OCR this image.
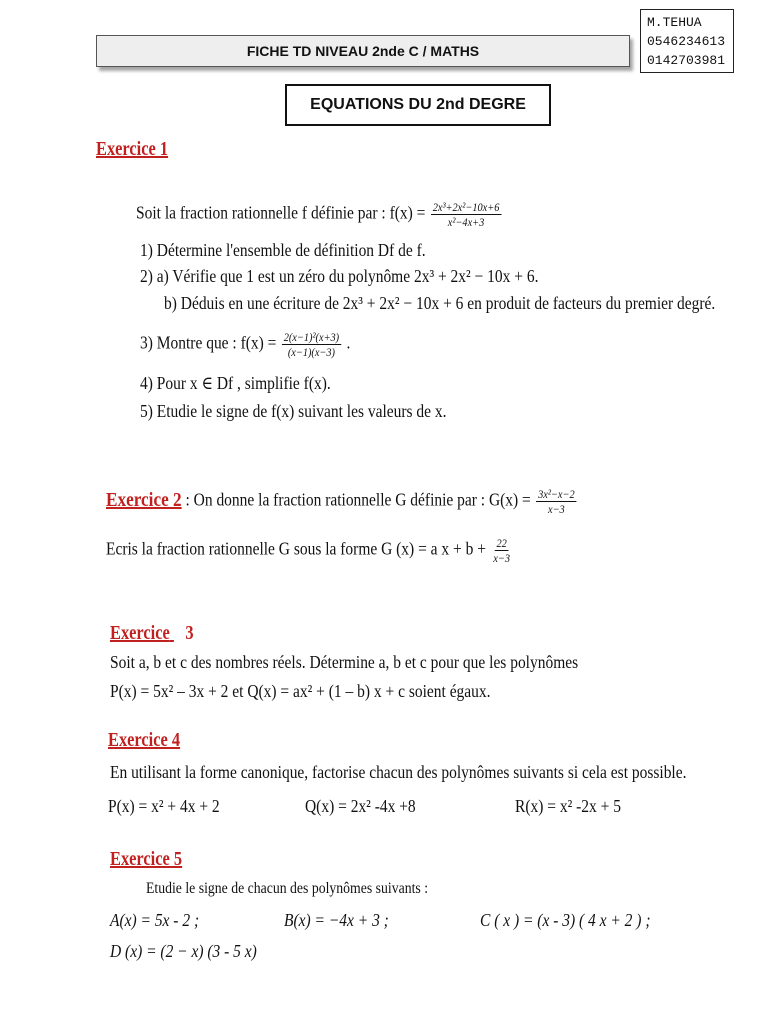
FICHE TD NIVEAU 2nde C / MATHS
M.TEHUA
0546234613
0142703981
EQUATIONS DU 2nd DEGRE
Exercice 1
Soit la fraction rationnelle f définie par : $f(x) = \frac{\text{2x³+2x²−10x+6}}{\text{x²−4x+3}}$
1) Détermine l'ensemble de définition Df de f.
2) a) Vérifie que 1 est un zéro du polynôme 2x³ + 2x² − 10x + 6.
b) Déduis en une écriture de 2x³ + 2x² − 10x + 6 en produit de facteurs du premier degré.
3) Montre que : $f(x) = \frac{\text{2(x−1)²(x+3)}}{(x-1)(x-3)}$ .
4) Pour x ∈ Df , simplifie f(x).
5) Etudie le signe de f(x) suivant les valeurs de x.
Exercice 2 : On donne la fraction rationnelle G définie par : $G(x) = \frac{\text{3x²−x−2}}{x-3}$
Ecris la fraction rationnelle G sous la forme G (x) = a $x + b + \frac{22}{x-3}$
Exercice 3
Soit a, b et c des nombres réels. Détermine a, b et c pour que les polynômes
P(x) = 5x² – 3x + 2 et Q(x) = ax² + (1 – b) x + c soient égaux.
Exercice 4
En utilisant la forme canonique, factorise chacun des polynômes suivants si cela est possible.
P(x) = x² + 4x + 2	Q(x) = 2x² -4x +8	R(x) = x² -2x + 5
Exercice 5
Etudie le signe de chacun des polynômes suivants :
A(x) = 5x - 2 ;	B(x) = −4x + 3 ;	C ( x ) = (x - 3) ( 4 x + 2 ) ;
D (x) = (2 − x) (3 - 5 x)
